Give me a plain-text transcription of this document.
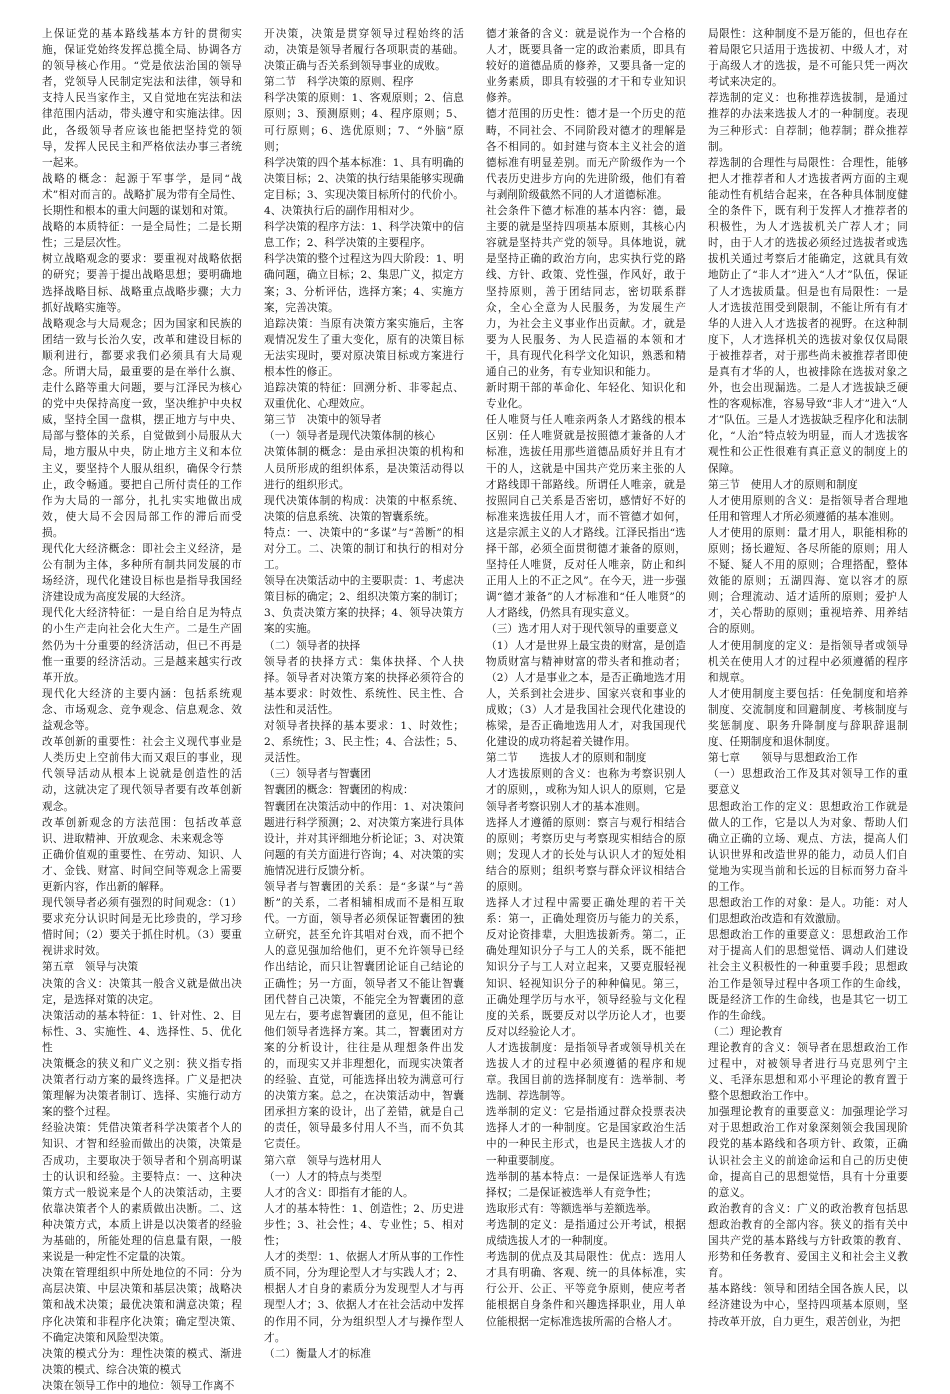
上保证党的基本路线基本方针的贯彻实施，保证党始终发挥总揽全局、协调各方的领导核心作用。“党是依法治国的领导者，党领导人民制定宪法和法律，领导和支持人民当家作主，又自觉地在宪法和法律范围内活动，带头遵守和实施法律。因此，各级领导者应该也能把坚持党的领导，发挥人民民主和严格依法办事三者统一起来。

战略的概念：起源于军事学，是同“战术”相对而言的。战略扩展为带有全局性、长期性和根本的重大问题的谋划和对策。

战略的本质特征：一是全局性；二是长期性；三是层次性。

树立战略观念的要求：要重视对战略依据的研究；要善于提出战略思想；要明确地选择战略目标、战略重点战略步骤；大力抓好战略实施等。

战略观念与大局观念；因为国家和民族的团结一致与长治久安，改革和建设目标的顺利进行，都要求我们必须具有大局观念。所谓大局，最重要的是在举什么旗、走什么路等重大问题，要与江泽民为核心的党中央保持高度一致，坚决维护中央权威，坚持全国一盘棋，摆正地方与中央、局部与整体的关系，自觉做到小局服从大局，地方服从中央，防止地方主义和本位主义，要坚持个人服从组织，确保令行禁止，政令畅通。要把自己所付责任的工作作为大局的一部分，扎扎实实地做出成效，使大局不会因局部工作的滞后而受损。

现代化大经济概念：即社会主义经济，是公有制为主体，多种所有制共同发展的市场经济，现代化建设目标也是指导我国经济建设成为高度发展的大经济。

现代化大经济特征：一是自给自足为特点的小生产走向社会化大生产。二是生产固然仍为十分重要的经济活动，但已不再是惟一重要的经济活动。三是越来越实行改革开放。

现代化大经济的主要内涵：包括系统观念、市场观念、竞争观念、信息观念、效益观念等。

改革创新的重要性：社会主义现代事业是人类历史上空前伟大而又艰巨的事业，现代领导活动从根本上说就是创造性的活动，这就决定了现代领导者要有改革创新观念。

改革创新观念的方法范围：包括改革意识、进取精神、开放观念、未来观念等

正确价值观的重要性、在劳动、知识、人才、金钱、财富、时间空间等观念上需要更新内容，作出新的解释。

现代领导者必须有强烈的时间观念：（1）要求充分认识时间是无比珍贵的，学习珍惜时间；（2）要关于抓住时机。（3）要重视讲求时效。

第五章　领导与决策

决策的含义：决策其一般含义就是做出决定，是选择对策的决定。

决策活动的基本特征：1、针对性、2、目标性、3、实施性、4、选择性、5、优化性

决策概念的狭义和广义之别：狭义指专指决策者行动方案的最终选择。广义是把决策理解为决策者制订、选择、实施行动方案的整个过程。

经验决策：凭借决策者科学决策者个人的知识、才智和经验而做出的决策，决策是否成功，主要取决于领导者和个别高明谋士的认识和经验。主要特点：一、这种决策方式一般说来是个人的决策活动，主要依靠决策者个人的素质做出决断。二、这种决策方式，本质上讲是以决策者的经验为基础的，所能处理的信息量有限，一般来说是一种定性不定量的决策。

决策在管理组织中所处地位的不同：分为高层决策、中层决策和基层决策；战略决策和战术决策；最优决策和满意决策；程序化决策和非程序化决策；确定型决策、不确定决策和风险型决策。

决策的模式分为：理性决策的模式、渐进决策的模式、综合决策的模式

决策在领导工作中的地位：领导工作离不

开决策，决策是贯穿领导过程始终的活动，决策是领导者履行各项职责的基础。决策正确与否关系到领导事业的成败。

第二节　科学决策的原则、程序

科学决策的原则：1、客观原则；2、信息原则；3、预测原则；4、程序原则；5、可行原则；6、选优原则；7、“外脑”原则；

科学决策的四个基本标准：1、具有明确的决策目标；2、决策的执行结果能够实现确定目标；3、实现决策目标所付的代价小。4、决策执行后的副作用相对少。

科学决策的程序方法：1、科学决策中的信息工作；2、科学决策的主要程序。

科学决策的整个过程这为四大阶段：1、明确问题，确立目标；2、集思广义，拟定方案；3、分析评估，选择方案；4、实施方案，完善决策。

追踪决策：当原有决策方案实施后，主客观情况发生了重大变化，原有的决策目标无法实现时，要对原决策目标或方案进行根本性的修正。

追踪决策的特征：回溯分析、非零起点、双重优化、心理效应。

第三节　决策中的领导者

（一）领导者是现代决策体制的核心

决策体制的概念：是由承担决策的机构和人员所形成的组织体系，是决策活动得以进行的组织形式。

现代决策体制的构成：决策的中枢系统、决策的信息系统、决策的智囊系统。

特点：一、决策中的“多谋”与“善断”的相对分工。二、决策的制订和执行的相对分工。

领导在决策活动中的主要职责：1、考虑决策目标的确定；2、组织决策方案的制订；3、负责决策方案的抉择；4、领导决策方案的实施。

（二）领导者的抉择

领导者的抉择方式：集体抉择、个人抉择。领导者对决策方案的抉择必须符合的基本要求：时效性、系统性、民主性、合法性和灵活性。

对领导者抉择的基本要求：1、时效性；2、系统性；3、民主性；4、合法性；5、灵活性。

（三）领导者与智囊团

智囊团的概念：智囊团的构成：

智囊团在决策活动中的作用：1、对决策问题进行科学预测；2、对决策方案进行具体设计，并对其评细地分析论证；3、对决策问题的有关方面进行咨询；4、对决策的实施情况进行反馈分析。

领导者与智囊团的关系：是“多谋”与“善断”的关系，二者相辅相成而不是相互取代。一方面，领导者必须保证智囊团的独立研究，甚至允许其唱对台戏，而不把个人的意见强加给他们，更不允许领导已经作出结论，而只让智囊团论证自己结论的正确性；另一方面，领导者又不能让智囊团代替自己决策，不能完全为智囊团的意见左右，要考虑智囊团的意见，但不能让他们领导者选择方案。其二，智囊团对方案的分析设计，往往是从理想条件出发的，而现实又并非理想化，而现实决策者的经验、直觉，可能选择出较为满意可行的决策方案。总之，在决策活动中，智囊团承担方案的设计，出了差错，就是自己的责任，领导最多付用人不当，而不负其它责任。

第六章　领导与选材用人

（一）人才的特点与类型

人才的含义：即指有才能的人。

人才的基本特性：1、创造性；2、历史进步性；3、社会性；4、专业性；5、相对性；

人才的类型：1、依据人才所从事的工作性质不同，分为理论型人才与实践人才；2、根据人才自身的素质分为发现型人才与再现型人才；3、依据人才在社会活动中发挥的作用不同，分为组织型人才与操作型人才。

（二）衡量人才的标准

德才兼备的含义：就是说作为一个合格的人才，既要具备一定的政治素质，即具有较好的道德品质的修养，又要具备一定的业务素质，即具有较强的才干和专业知识修养。

德才范围的历史性：德才是一个历史的范畴，不同社会、不同阶段对德才的理解是各不相同的。如封建与资本主义社会的道德标准有明显差别。而无产阶级作为一个代表历史进步方向的先进阶级，他们有着与剥削阶级截然不同的人才道德标准。

社会条件下德才标准的基本内容：德，最主要的就是坚持四项基本原则，其核心内容就是坚持共产党的领导。具体地说，就是坚持正确的政治方向，忠实执行党的路线、方针、政策、党性强，作风好，敢于坚持原则，善于团结同志，密切联系群众，全心全意为人民服务，为发展生产力，为社会主义事业作出贡献。才，就是要为人民服务、为人民造福的本领和才干，具有现代化科学文化知识，熟悉和精通自己的业务，有专业知识和能力。

新时期干部的革命化、年轻化、知识化和专业化。

任人唯贤与任人唯亲两条人才路线的根本区别：任人唯贤就是按照德才兼备的人才标准，选拔任用那些道德品质好并且有才干的人，这就是中国共产党历来主张的人才路线即干部路线。所谓任人唯亲，就是按照同自己关系是否密切，感情好不好的标准来选拔任用人才，而不管德才如何，这是宗派主义的人才路线。江泽民指出“选择干部，必须全面贯彻德才兼备的原则，坚持任人唯贤，反对任人唯亲，防止和纠正用人上的不正之风”。在今天，进一步强调“德才兼备”的人才标准和“任人唯贤”的人才路线，仍然具有现实意义。

（三）选才用人对于现代领导的重要意义

（1）人才是世界上最宝贵的财富，是创造物质财富与精神财富的带头者和推动者；（2）人才是事业之本，是否正确地选才用人，关系到社会进步、国家兴衰和事业的成败；（3）人才是我国社会现代化建设的栋梁，是否正确地选用人才，对我国现代化建设的成功将起着关键作用。

第二节　　选拔人才的原则和制度

人才选拔原则的含义：也称为考察识别人才的原则，，或称为知人识人的原则，它是领导者考察识别人才的基本准则。

选择人才遵循的原则：察言与观行相结合的原则；考察历史与考察现实相结合的原则；发现人才的长处与认识人才的短处相结合的原则；组织考察与群众评议相结合的原则。

选择人才过程中需要正确处理的若干关系：第一，正确处理资历与能力的关系，反对论资排辈，大胆选拔新秀。第二，正确处理知识分子与工人的关系，既不能把知识分子与工人对立起来，又要克服轻视知识、轻视知识分子的种种偏见。第三，正确处理学历与水平，领导经验与文化程度的关系，既要反对以学历论人才，也要反对以经验论人才。

人才选拔制度：是指领导者或领导机关在选拔人才的过程中必须遵循的程序和规章。我国目前的选择制度有：选举制、考选制、荐选制等。

选举制的定义：它是指通过群众投票表决选择人才的一种制度。它是国家政治生活中的一种民主形式，也是民主选拔人才的一种重要制度。

选举制的基本特点：一是保证选举人有选择权；二是保证被选举人有竞争性；

选取形式有：等额选举与差额选举。

考选制的定义：是指通过公开考试，根据成绩选拔人才的一种制度。

考选制的优点及其局限性：优点：选用人才具有明确、客观、统一的具体标准，实行公开、公正、平等竞争原则，使应考者能根据自身条件和兴趣选择职业，用人单位能根据一定标准选拔所需的合格人才。

局限性：这种制度不是万能的，但也存在着局限它只适用于选拔初、中级人才，对于高级人才的选拔，是不可能只凭一两次考试来决定的。

荐选制的定义：也称推荐选拔制，是通过推荐的办法来选拔人才的一种制度。表现为三种形式：自荐制；他荐制；群众推荐制。

荐选制的合理性与局限性：合理性，能够把人才推荐者和人才选拔者两方面的主观能动性有机结合起来，在各种具体制度健全的条件下，既有利于发挥人才推荐者的积极性，为人才选拔机关广荐人才；同时，由于人才的选拔必须经过选拔者或选拔机关通过考察后才能确定，这就具有效地防止了“非人才”进入“人才”队伍，保证了人才选拔质量。但是也有局限性：一是人才选拔范围受到限制，不能让所有有才华的人进入人才选拔者的视野。在这种制度下，人才选择机关的选拔对象仅仅局限于被推荐者，对于那些尚未被推荐者即使是真有才华的人，也被排除在选拔对象之外，也会出现漏选。二是人才选拔缺乏硬性的客观标准，容易导致“非人才”进入“人才”队伍。三是人才选拔缺乏程序化和法制化，“人治”特点较为明显，而人才选拔客观性和公正性很难有真正意义的制度上的保障。

第三节　使用人才的原则和制度

人才使用原则的含义：是指领导者合理地任用和管理人才所必须遵循的基本准则。

人才使用的原则：量才用人，职能相称的原则；扬长避短、各尽所能的原则；用人不疑、疑人不用的原则；合理搭配，整体效能的原则；五湖四海、宽以容才的原则；合理流动、适才适所的原则；爱护人才，关心帮助的原则；重视培养、用养结合的原则。

人才使用制度的定义：是指领导者或领导机关在使用人才的过程中必须遵循的程序和规章。

人才使用制度主要包括：任免制度和培养制度、交流制度和回避制度、考核制度与奖惩制度、职务升降制度与辞职辞退制度、任期制度和退休制度。

第七章　　领导与思想政治工作

（一）思想政治工作及其对领导工作的重要意义

思想政治工作的定义：思想政治工作就是做人的工作，它是以人为对象、帮助人们确立正确的立场、观点、方法，提高人们认识世界和改造世界的能力，动员人们自觉地为实现当前和长远的目标而努力奋斗的工作。

思想政治工作的对象：是人。功能：对人们思想政治改造和有效激励。

思想政治工作的重要意义：思想政治工作对于提高人们的思想觉悟、调动人们建设社会主义积极性的一种重要手段；思想政治工作是领导过程中各项工作的生命线，既是经济工作的生命线，也是其它一切工作的生命线。

（二）理论教育

理论教育的含义：领导者在思想政治工作过程中，对被领导者进行马克思列宁主义、毛泽东思想和邓小平理论的教育置于整个思想政治工作中。

加强理论教育的重要意义：加强理论学习对于思想政治工作对象深刻领会我国现阶段党的基本路线和各项方针、政策，正确认识社会主义的前途命运和自己的历史使命，提高自己的思想觉悟，具有十分重要的意义。

政治教育的含义：广义的政治教育包括思想政治教育的全部内容。狭义的指有关中国共产党的基本路线与方针政策的教育、形势和任务教育、爱国主义和社会主义教育。

基本路线：领导和团结全国各族人民，以经济建设为中心，坚持四项基本原则，坚持改革开放，自力更生，艰苦创业，为把
